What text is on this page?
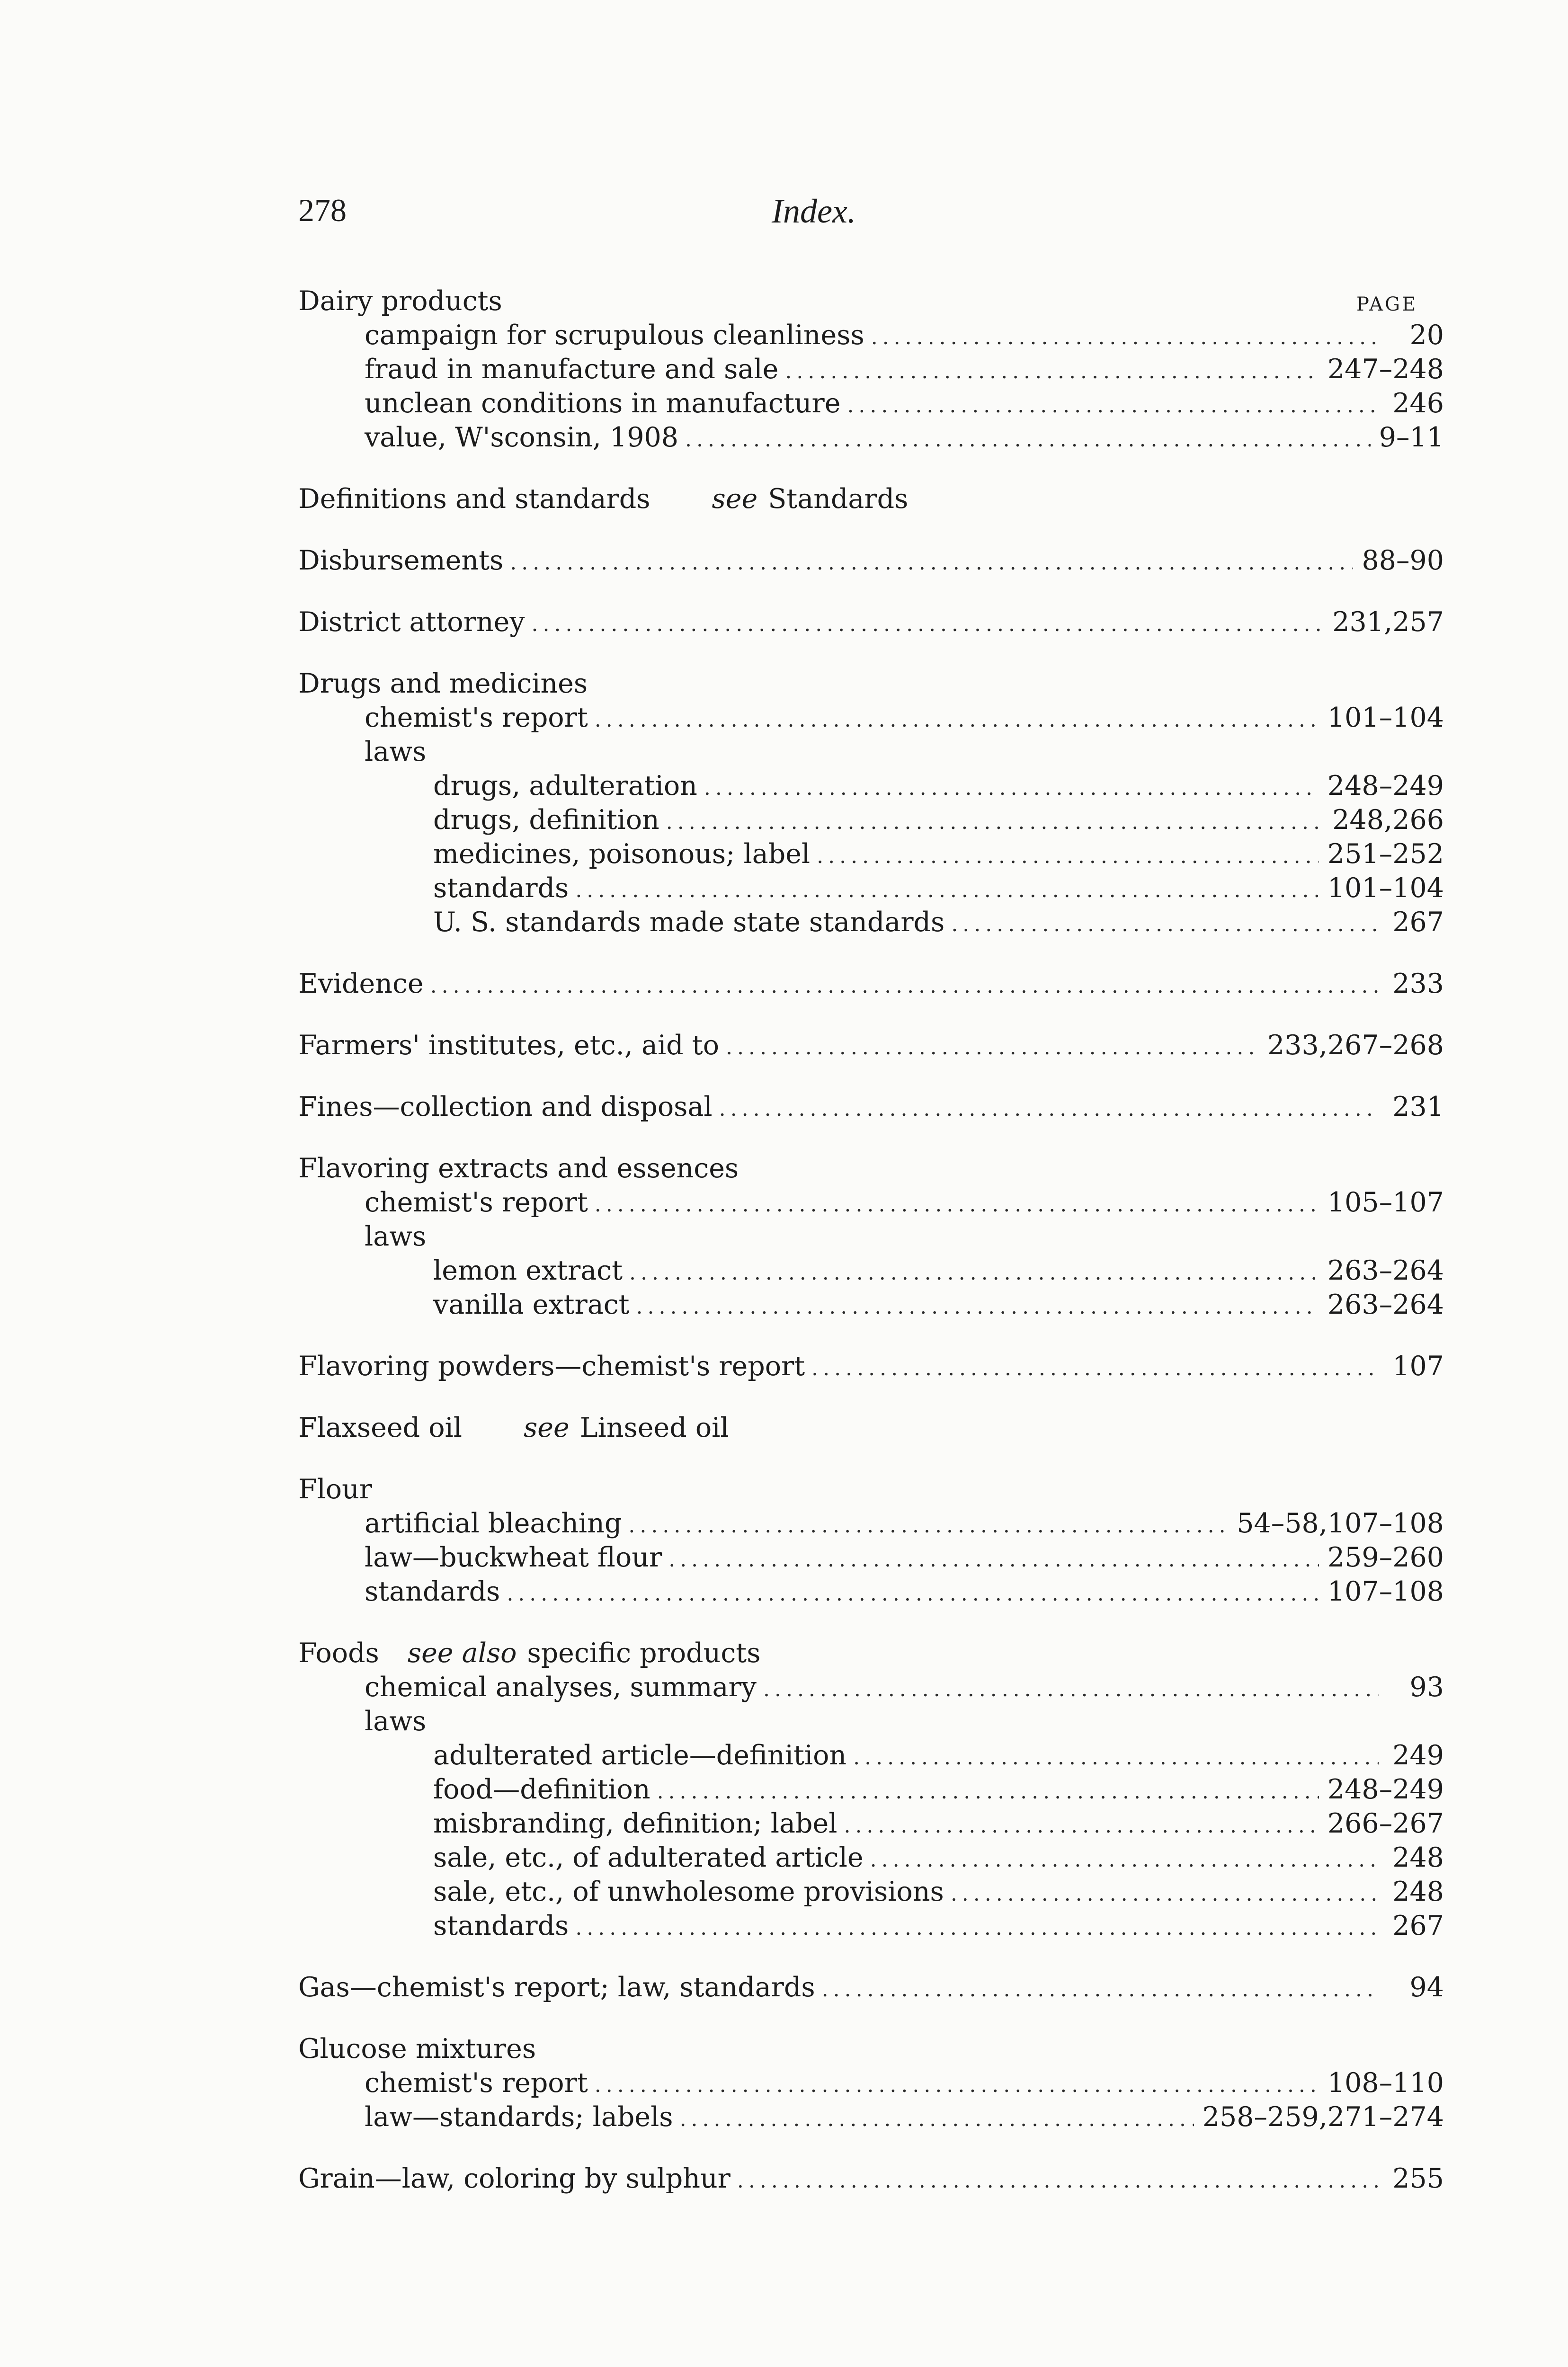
278	Index.
PAGE
Dairy products
campaign for scrupulous cleanliness .....	20
fraud in manufacture and sale .....	247–248
unclean conditions in manufacture .....	246
value, W'sconsin, 1908 .....	9–11
Definitions and standards see Standards
Disbursements .....	88–90
District attorney .....	231,257
Drugs and medicines
chemist's report .....	101–104
laws
drugs, adulteration .....	248–249
drugs, definition .....	248,266
medicines, poisonous; label .....	251–252
standards .....	101–104
U. S. standards made state standards .....	267
Evidence .....	233
Farmers' institutes, etc., aid to .....	233,267–268
Fines—collection and disposal .....	231
Flavoring extracts and essences
chemist's report .....	105–107
laws
lemon extract .....	263–264
vanilla extract .....	263–264
Flavoring powders—chemist's report .....	107
Flaxseed oil see Linseed oil
Flour
artificial bleaching .....	54–58,107–108
law—buckwheat flour .....	259–260
standards .....	107–108
Foods see also specific products
chemical analyses, summary .....	93
laws
adulterated article—definition .....	249
food—definition .....	248–249
misbranding, definition; label .....	266–267
sale, etc., of adulterated article .....	248
sale, etc., of unwholesome provisions .....	248
standards .....	267
Gas—chemist's report; law, standards .....	94
Glucose mixtures
chemist's report .....	108–110
law—standards; labels .....	258–259,271–274
Grain—law, coloring by sulphur .....	255
